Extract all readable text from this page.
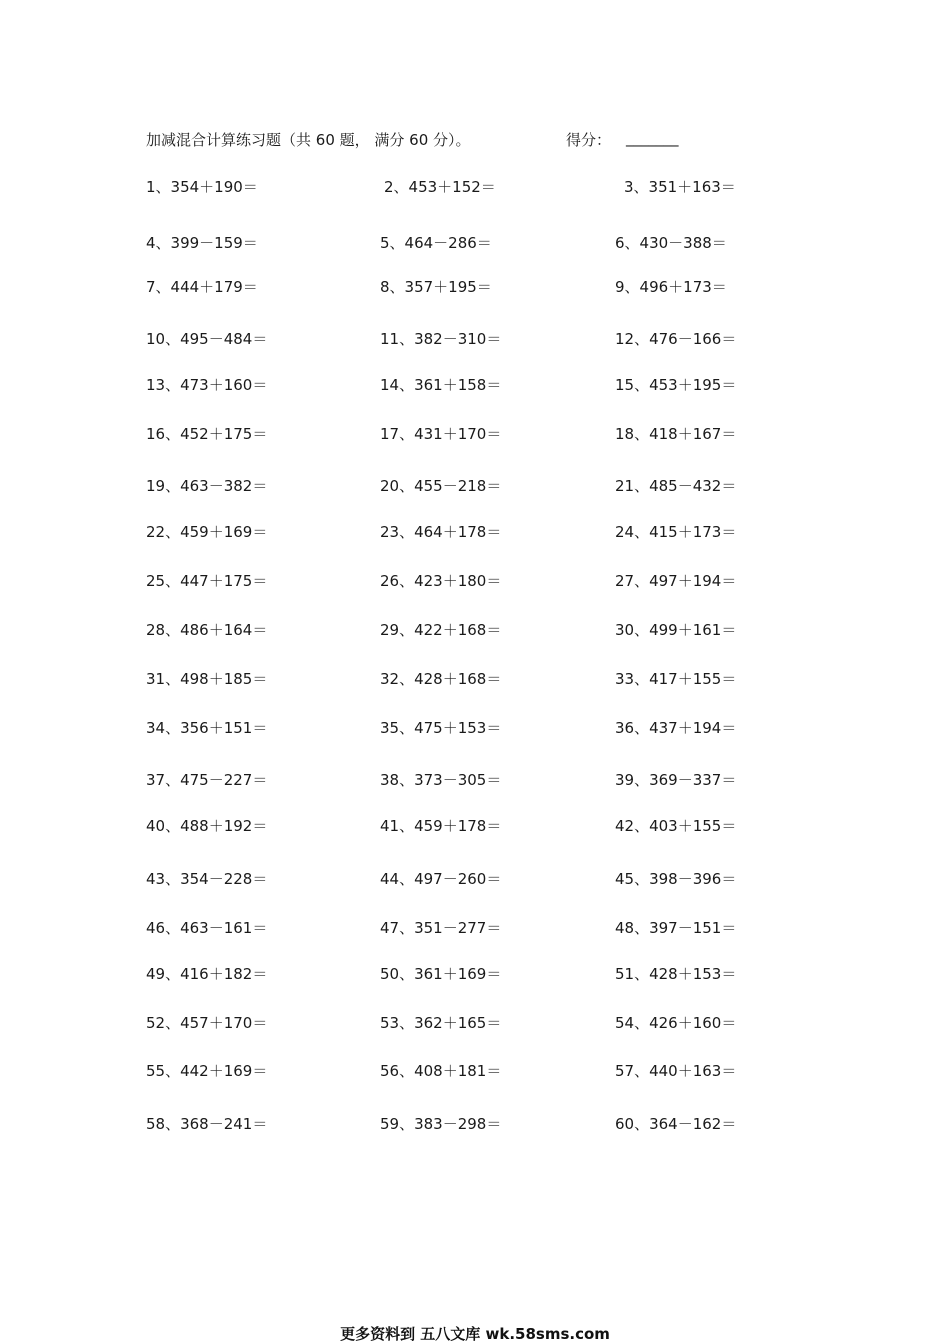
加减混合计算练习题（共 60 题， 满分 60 分）。	得分： _______
1、354＋190＝	2、453＋152＝	3、351＋163＝
4、399－159＝	5、464－286＝	6、430－388＝
7、444＋179＝	8、357＋195＝	9、496＋173＝
10、495－484＝	11、382－310＝	12、476－166＝
13、473＋160＝	14、361＋158＝	15、453＋195＝
16、452＋175＝	17、431＋170＝	18、418＋167＝
19、463－382＝	20、455－218＝	21、485－432＝
22、459＋169＝	23、464＋178＝	24、415＋173＝
25、447＋175＝	26、423＋180＝	27、497＋194＝
28、486＋164＝	29、422＋168＝	30、499＋161＝
31、498＋185＝	32、428＋168＝	33、417＋155＝
34、356＋151＝	35、475＋153＝	36、437＋194＝
37、475－227＝	38、373－305＝	39、369－337＝
40、488＋192＝	41、459＋178＝	42、403＋155＝
43、354－228＝	44、497－260＝	45、398－396＝
46、463－161＝	47、351－277＝	48、397－151＝
49、416＋182＝	50、361＋169＝	51、428＋153＝
52、457＋170＝	53、362＋165＝	54、426＋160＝
55、442＋169＝	56、408＋181＝	57、440＋163＝
58、368－241＝	59、383－298＝	60、364－162＝
更多资料到 五八文库 wk.58sms.com
